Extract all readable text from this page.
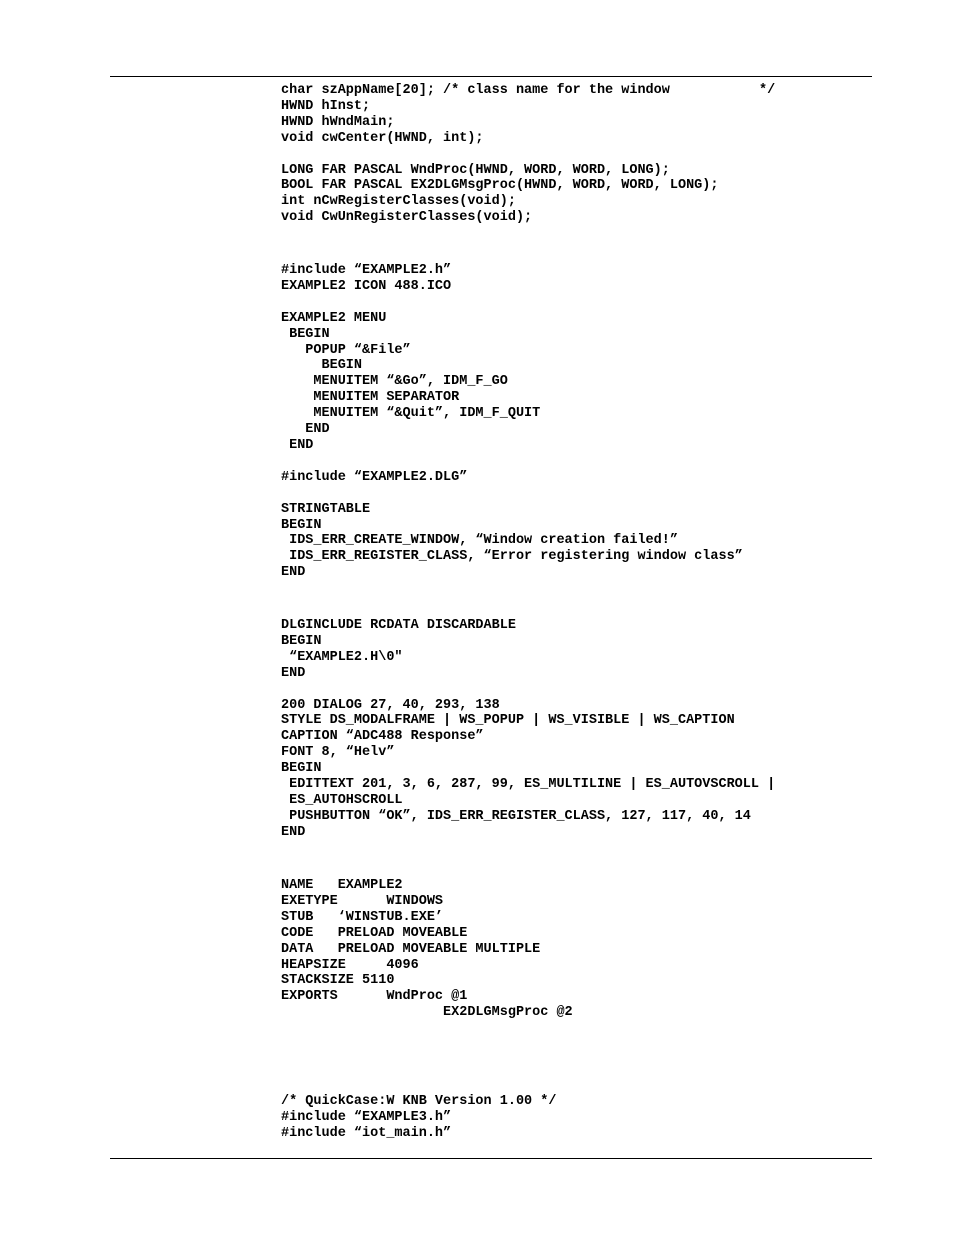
char szAppName[20]; /* class name for the window           */
HWND hInst;
HWND hWndMain;
void cwCenter(HWND, int);

LONG FAR PASCAL WndProc(HWND, WORD, WORD, LONG);
BOOL FAR PASCAL EX2DLGMsgProc(HWND, WORD, WORD, LONG);
int nCwRegisterClasses(void);
void CwUnRegisterClasses(void);
#include “EXAMPLE2.h”
EXAMPLE2 ICON 488.ICO

EXAMPLE2 MENU
BEGIN
POPUP “&File”
BEGIN
MENUITEM “&Go”, IDM_F_GO
MENUITEM SEPARATOR
MENUITEM “&Quit”, IDM_F_QUIT
END
END

#include “EXAMPLE2.DLG”

STRINGTABLE
BEGIN
IDS_ERR_CREATE_WINDOW, “Window creation failed!”
IDS_ERR_REGISTER_CLASS, “Error registering window class”
END
DLGINCLUDE RCDATA DISCARDABLE
BEGIN
“EXAMPLE2.H\0"
END

200 DIALOG 27, 40, 293, 138
STYLE DS_MODALFRAME | WS_POPUP | WS_VISIBLE | WS_CAPTION
CAPTION “ADC488 Response”
FONT 8, “Helv”
BEGIN
EDITTEXT 201, 3, 6, 287, 99, ES_MULTILINE | ES_AUTOVSCROLL |
ES_AUTOHSCROLL
PUSHBUTTON “OK”, IDS_ERR_REGISTER_CLASS, 127, 117, 40, 14
END
NAME   EXAMPLE2
EXETYPE      WINDOWS
STUB   ‘WINSTUB.EXE’
CODE   PRELOAD MOVEABLE
DATA   PRELOAD MOVEABLE MULTIPLE
HEAPSIZE     4096
STACKSIZE 5110
EXPORTS      WndProc @1
EX2DLGMsgProc @2
/* QuickCase:W KNB Version 1.00 */
#include “EXAMPLE3.h”
#include “iot_main.h”
